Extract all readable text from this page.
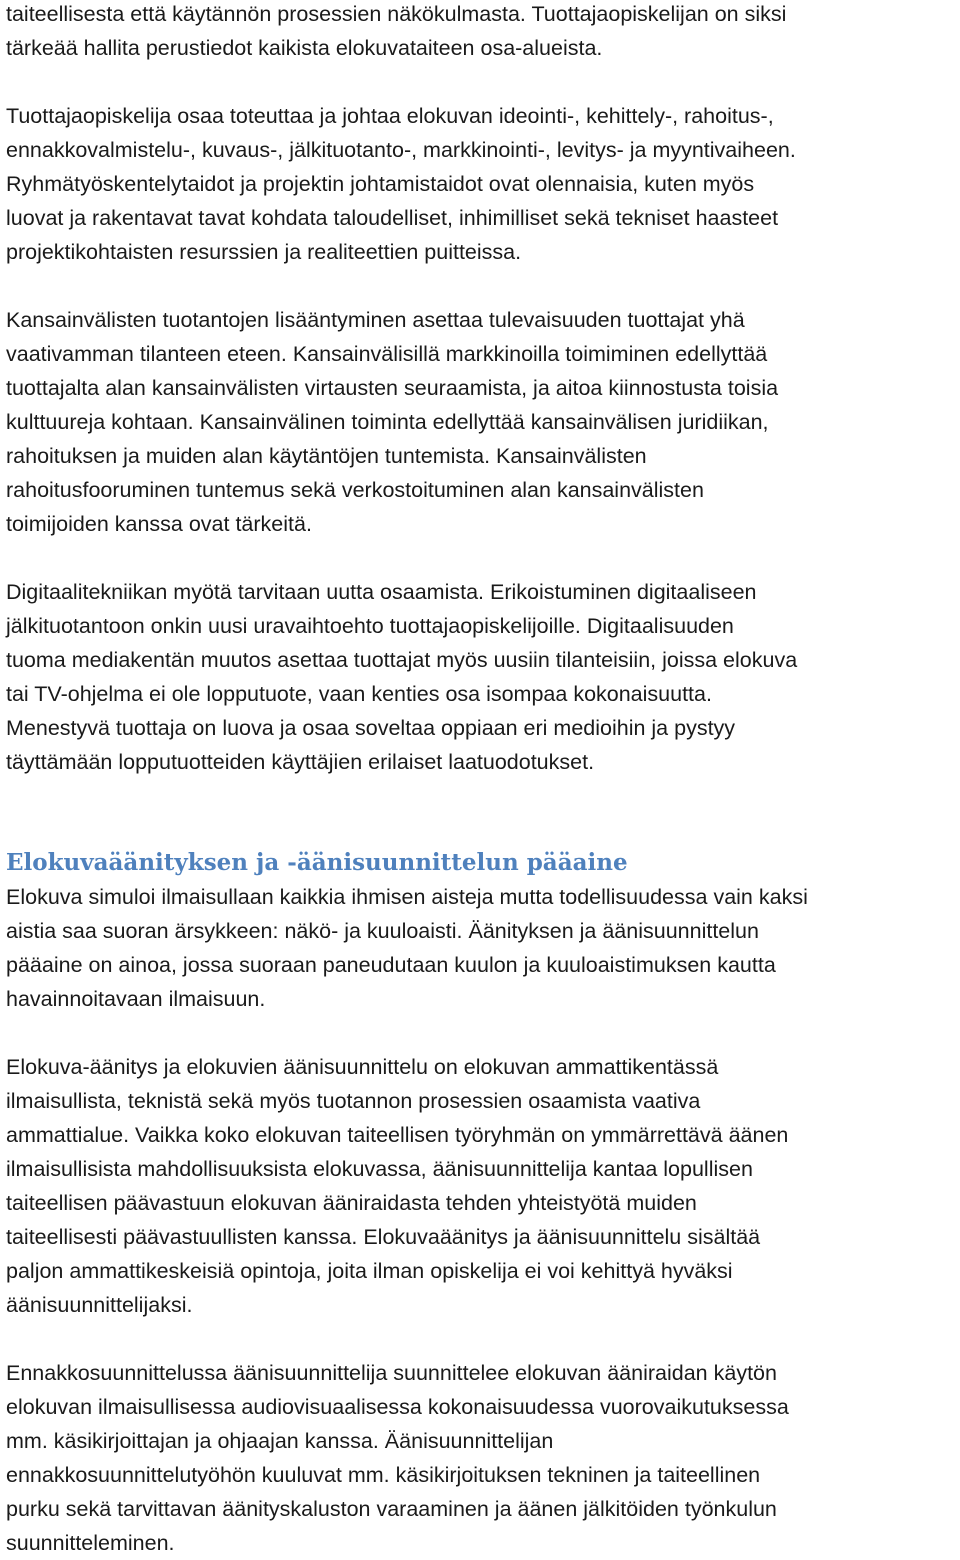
taiteellisesta että käytännön prosessien näkökulmasta. Tuottajaopiskelijan on siksi
tärkeää hallita perustiedot kaikista elokuvataiteen osa-alueista.
Tuottajaopiskelija osaa toteuttaa ja johtaa elokuvan ideointi-, kehittely-, rahoitus-,
ennakkovalmistelu-, kuvaus-, jälkituotanto-, markkinointi-, levitys- ja myyntivaiheen.
Ryhmätyöskentelytaidot ja projektin johtamistaidot ovat olennaisia, kuten myös
luovat ja rakentavat tavat kohdata taloudelliset, inhimilliset sekä tekniset haasteet
projektikohtaisten resurssien ja realiteettien puitteissa.
Kansainvälisten tuotantojen lisääntyminen asettaa tulevaisuuden tuottajat yhä
vaativamman tilanteen eteen. Kansainvälisillä markkinoilla toimiminen edellyttää
tuottajalta alan kansainvälisten virtausten seuraamista, ja aitoa kiinnostusta toisia
kulttuureja kohtaan. Kansainvälinen toiminta edellyttää kansainvälisen juridiikan,
rahoituksen ja muiden alan käytäntöjen tuntemista. Kansainvälisten
rahoitusfooruminen tuntemus sekä verkostoituminen alan kansainvälisten
toimijoiden kanssa ovat tärkeitä.
Digitaalitekniikan myötä tarvitaan uutta osaamista. Erikoistuminen digitaaliseen
jälkituotantoon onkin uusi uravaihtoehto tuottajaopiskelijoille. Digitaalisuuden
tuoma mediakentän muutos asettaa tuottajat myös uusiin tilanteisiin, joissa elokuva
tai TV-ohjelma ei ole lopputuote, vaan kenties osa isompaa kokonaisuutta.
Menestyvä tuottaja on luova ja osaa soveltaa oppiaan eri medioihin ja pystyy
täyttämään lopputuotteiden käyttäjien erilaiset laatuodotukset.
Elokuvaäänityksen ja -äänisuunnittelun pääaine
Elokuva simuloi ilmaisullaan kaikkia ihmisen aisteja mutta todellisuudessa vain kaksi
aistia saa suoran ärsykkeen: näkö- ja kuuloaisti. Äänityksen ja äänisuunnittelun
pääaine on ainoa, jossa suoraan paneudutaan kuulon ja kuuloaistimuksen kautta
havainnoitavaan ilmaisuun.
Elokuva-äänitys ja elokuvien äänisuunnittelu on elokuvan ammattikentässä
ilmaisullista, teknistä sekä myös tuotannon prosessien osaamista vaativa
ammattialue. Vaikka koko elokuvan taiteellisen työryhmän on ymmärrettävä äänen
ilmaisullisista mahdollisuuksista elokuvassa, äänisuunnittelija kantaa lopullisen
taiteellisen päävastuun elokuvan ääniraidasta tehden yhteistyötä muiden
taiteellisesti päävastuullisten kanssa. Elokuvaäänitys ja äänisuunnittelu sisältää
paljon ammattikeskeisiä opintoja, joita ilman opiskelija ei voi kehittyä hyväksi
äänisuunnittelijaksi.
Ennakkosuunnittelussa äänisuunnittelija suunnittelee elokuvan ääniraidan käytön
elokuvan ilmaisullisessa audiovisuaalisessa kokonaisuudessa vuorovaikutuksessa
mm. käsikirjoittajan ja ohjaajan kanssa. Äänisuunnittelijan
ennakkosuunnittelutyöhön kuuluvat mm. käsikirjoituksen tekninen ja taiteellinen
purku sekä tarvittavan äänityskaluston varaaminen ja äänen jälkitöiden työnkulun
suunnitteleminen.
